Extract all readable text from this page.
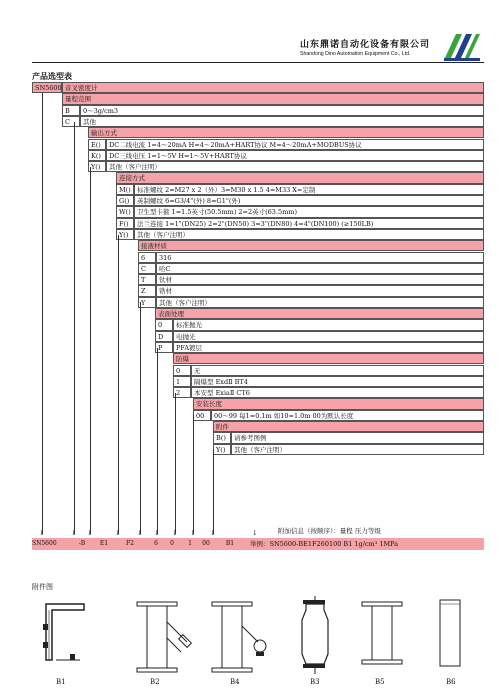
山东鼎诺自动化设备有限公司
Shandong Dino Automation Equipment Co., Ltd.
产品选型表
SN5600 音叉密度计
量程范围
B	0～3g/cm3
C	其他
↓
输出方式
E()	DC二线电流 1=4～20mA H=4～20mA+HART协议 M=4～20mA+MODBUS协议
K()	DC三线电压 1=1～5V H=1～5V+HART协议
Y()	其他（客户注明）
↓
连接方式
M() 标准螺纹 2=M27 x 2（外）3=M30 x 1.5 4=M33 X=定制
G()	英制螺纹 6=G3/4"(外) 8=G1"(外)
W() 卫生型卡箍 1=1.5英寸(50.5mm) 2=2英寸(63.5mm)
F()	法兰连接 1=1"(DN25) 2=2"(DN50) 3=3"(DN80) 4=4"(DN100) (≥150LB)
Y()	其他（客户注明）
↓
接液材质
6	316
C	哈C
T	钛材
Z	锆材
Y	其他（客户注明）
↓
表面处理
0	标准抛光
D	电抛光
P	PFA镀层
↓
防爆
0	无
1	隔爆型 ExdⅡ BT4
2	本安型 ExiaⅡ CT6
↓
安装长度
00	00～99 每1=0.1m 如10=1.0m 00为默认长度
↓
附件
B()	请参考图例
Y()	其他（客户注明）
↓
↓	附加信息（按顺序）：量程 压力等级
↓
SN5600	-B	E1	F2	6	0	1	00	B1	举例：SN5600-BE1F260100 B1 1g/cm³ 1MPa
附件图
B1	B2	B4	B3	B5	B6
